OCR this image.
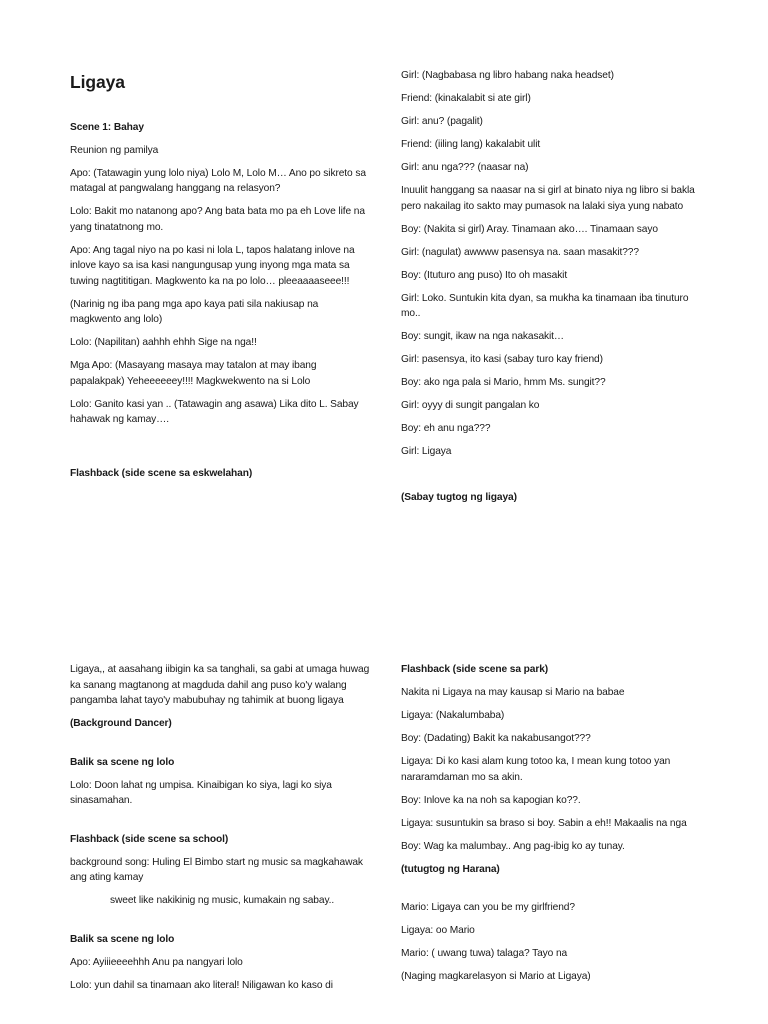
Ligaya

Scene 1: Bahay

Reunion ng pamilya

Apo: (Tatawagin yung lolo niya) Lolo M, Lolo M… Ano po sikreto sa matagal at pangwalang hanggang na relasyon?

Lolo: Bakit mo natanong apo? Ang bata bata mo pa eh Love life na yang tinatatnong mo.

Apo: Ang tagal niyo na po kasi ni lola L, tapos halatang inlove na inlove kayo sa isa kasi nangungusap yung inyong mga mata sa tuwing nagtititigan. Magkwento ka na po lolo… pleeaaaaseee!!!

(Narinig ng iba pang mga apo kaya pati sila nakiusap na magkwento ang lolo)

Lolo: (Napilitan) aahhh ehhh Sige na nga!!

Mga Apo: (Masayang masaya may tatalon at may ibang papalakpak) Yeheeeeeey!!!! Magkwekwento na si Lolo

Lolo: Ganito kasi yan .. (Tatawagin ang asawa) Lika dito L. Sabay hahawak ng kamay….

Flashback (side scene sa eskwelahan)

Girl: (Nagbabasa ng libro habang naka headset)

Friend: (kinakalabit si ate girl)

Girl: anu? (pagalit)

Friend: (iiling lang) kakalabit ulit

Girl: anu nga??? (naasar na)

Inuulit hanggang sa naasar na si girl at binato niya ng libro si bakla pero nakailag ito sakto may pumasok na lalaki siya yung nabato

Boy: (Nakita si girl) Aray. Tinamaan ako…. Tinamaan sayo

Girl: (nagulat) awwww pasensya na. saan masakit???

Boy: (Ituturo ang puso) Ito oh masakit

Girl: Loko. Suntukin kita dyan, sa mukha ka tinamaan iba tinuturo mo..

Boy: sungit, ikaw na nga nakasakit…

Girl: pasensya, ito kasi (sabay turo kay friend)

Boy: ako nga pala si Mario, hmm Ms. sungit??

Girl: oyyy di sungit pangalan ko

Boy: eh anu nga???

Girl: Ligaya

(Sabay tugtog ng ligaya)

Ligaya,, at aasahang iibigin ka sa tanghali, sa gabi at umaga huwag ka sanang magtanong at magduda dahil ang puso ko'y walang pangamba lahat tayo'y mabubuhay ng tahimik at buong ligaya

(Background Dancer)

Balik sa scene ng lolo

Lolo: Doon lahat ng umpisa. Kinaibigan ko siya, lagi ko siya sinasamahan.

Flashback (side scene sa school)

background song: Huling El Bimbo start ng music sa magkahawak ang ating kamay

sweet like nakikinig ng music, kumakain ng sabay..

Balik sa scene ng lolo

Apo: Ayiiieeeehhh Anu pa nangyari lolo

Lolo: yun dahil sa tinamaan ako literal! Niligawan ko kaso di

Flashback (side scene sa park)

Nakita ni Ligaya na may kausap si Mario na babae

Ligaya: (Nakalumbaba)

Boy: (Dadating) Bakit ka nakabusangot???

Ligaya: Di ko kasi alam kung totoo ka, I mean kung totoo yan nararamdaman mo sa akin.

Boy: Inlove ka na noh sa kapogian ko??.

Ligaya: susuntukin sa braso si boy. Sabin a eh!! Makaalis na nga

Boy: Wag ka malumbay.. Ang pag-ibig ko ay tunay.

(tutugtog ng Harana)

Mario: Ligaya can you be my girlfriend?

Ligaya: oo Mario

Mario: ( uwang tuwa) talaga? Tayo na

(Naging magkarelasyon si Mario at Ligaya)
